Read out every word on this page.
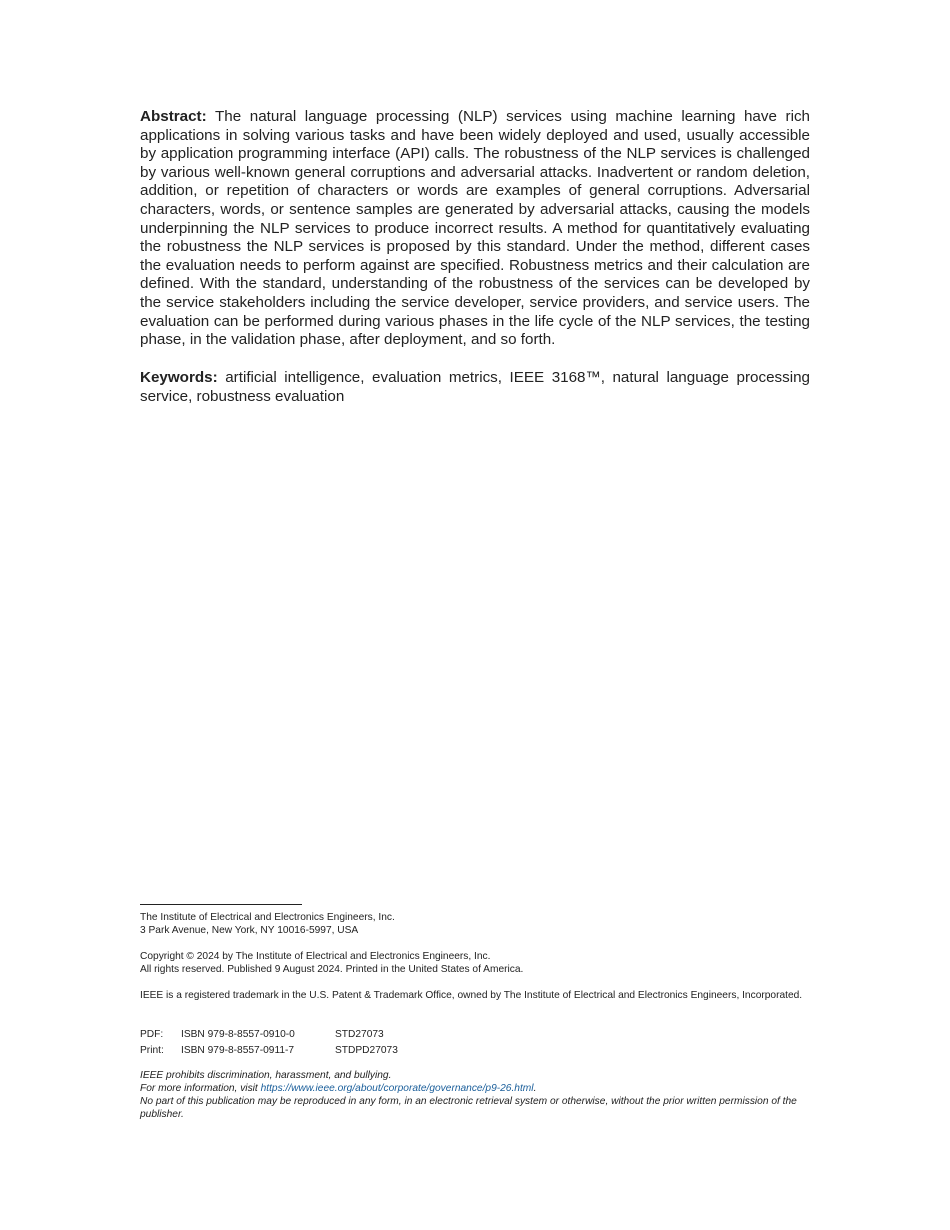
Abstract: The natural language processing (NLP) services using machine learning have rich applications in solving various tasks and have been widely deployed and used, usually accessible by application programming interface (API) calls. The robustness of the NLP services is challenged by various well-known general corruptions and adversarial attacks. Inadvertent or random deletion, addition, or repetition of characters or words are examples of general corruptions. Adversarial characters, words, or sentence samples are generated by adversarial attacks, causing the models underpinning the NLP services to produce incorrect results. A method for quantitatively evaluating the robustness the NLP services is proposed by this standard. Under the method, different cases the evaluation needs to perform against are specified. Robustness metrics and their calculation are defined. With the standard, understanding of the robustness of the services can be developed by the service stakeholders including the service developer, service providers, and service users. The evaluation can be performed during various phases in the life cycle of the NLP services, the testing phase, in the validation phase, after deployment, and so forth.

Keywords: artificial intelligence, evaluation metrics, IEEE 3168™, natural language processing service, robustness evaluation

The Institute of Electrical and Electronics Engineers, Inc.
3 Park Avenue, New York, NY 10016-5997, USA
Copyright © 2024 by The Institute of Electrical and Electronics Engineers, Inc.
All rights reserved. Published 9 August 2024. Printed in the United States of America.
IEEE is a registered trademark in the U.S. Patent & Trademark Office, owned by The Institute of Electrical and Electronics Engineers, Incorporated.
PDF:	ISBN 979-8-8557-0910-0	STD27073
Print:	ISBN 979-8-8557-0911-7	STDPD27073
IEEE prohibits discrimination, harassment, and bullying.
For more information, visit https://www.ieee.org/about/corporate/governance/p9-26.html.
No part of this publication may be reproduced in any form, in an electronic retrieval system or otherwise, without the prior written permission of the publisher.
